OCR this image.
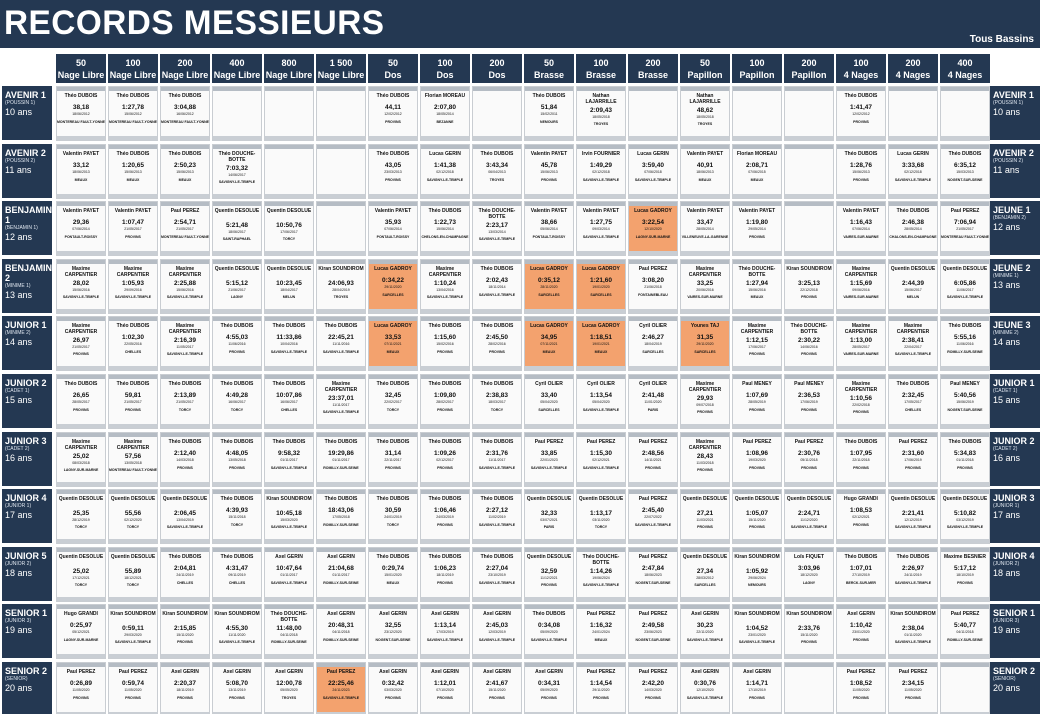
RECORDS MESSIEURS	Tous Bassins
50
Nage Libre
100
Nage Libre
200
Nage Libre
400
Nage Libre
800
Nage Libre
1 500
Nage Libre
50
Dos
100
Dos
200
Dos
50
Brasse
100
Brasse
200
Brasse
50
Papillon
100
Papillon
200
Papillon
100
4 Nages
200
4 Nages
400
4 Nages
AVENIR 1
(POUSSIN 1)
10 ans
AVENIR 1
(POUSSIN 1)
10 ans
Théo DUBOIS
38,18
18/06/2012
MONTEREAU FAULT-YONNE
Théo DUBOIS
1:27,78
15/06/2012
MONTEREAU FAULT-YONNE
Théo DUBOIS
3:04,88
16/06/2012
MONTEREAU FAULT-YONNE
Théo DUBOIS
44,11
12/02/2012
PROVINS
Florian MOREAU
2:07,80
18/05/2014
BEZANNE
Théo DUBOIS
51,84
15/02/2011
NEMOURS
Nathan LAJARRILLE
2:09,43
18/05/2018
TROYES
Nathan LAJARRILLE
48,62
18/05/2018
TROYES
Théo DUBOIS
1:41,47
12/02/2012
PROVINS
AVENIR 2
(POUSSIN 2)
11 ans
AVENIR 2
(POUSSIN 2)
11 ans
Valentin PAYET
33,12
18/06/2013
MEAUX
Théo DUBOIS
1:20,65
15/06/2013
MEAUX
Théo DUBOIS
2:50,23
15/06/2013
MEAUX
Théo DOUCHE-BOTTE
7:03,32
14/06/2017
SAVIGNY-LE-TEMPLE
Théo DUBOIS
43,05
23/03/2013
PROVINS
Lucas GERIN
1:41,38
02/12/2018
SAVIGNY-LE-TEMPLE
Théo DUBOIS
3:43,34
06/04/2013
TROYES
Valentin PAYET
45,78
15/06/2013
PROVINS
Irvin FOURNIER
1:49,29
02/12/2018
SAVIGNY-LE-TEMPLE
Lucas GERIN
3:59,40
07/06/2018
SAVIGNY-LE-TEMPLE
Valentin PAYET
40,91
18/06/2013
MEAUX
Florian MOREAU
2:08,71
07/06/2015
MEAUX
Théo DUBOIS
1:28,76
15/06/2013
PROVINS
Lucas GERIN
3:33,68
02/12/2018
SAVIGNY-LE-TEMPLE
Théo DUBOIS
6:35,12
15/03/2013
NOGENT-SUR-SEINE
BENJAMIN 1
(BENJAMIN 1)
12 ans
JEUNE 1
(BENJAMIN 2)
12 ans
Valentin PAYET
29,36
07/06/2014
PONTAULT-ROISSY
Valentin PAYET
1:07,47
21/05/2017
PROVINS
Paul PEREZ
2:54,71
21/05/2017
MONTEREAU FAULT-YONNE
Quentin DESOLUE
5:21,48
18/06/2017
SAINT-RAPHAEL
Quentin DESOLUE
10:50,76
17/06/2017
TORCY
Valentin PAYET
35,93
07/06/2014
PONTAULT-ROISSY
Théo DUBOIS
1:22,73
15/06/2014
CHELONS-EN-CHAMPAGNE
Théo DOUCHE-BOTTE
2:23,17
13/03/2014
SAVIGNY-LE-TEMPLE
Valentin PAYET
38,66
05/06/2014
PONTAULT-ROISSY
Valentin PAYET
1:27,75
09/03/2014
SAVIGNY-LE-TEMPLE
Lucas GADROY
3:22,54
12/10/2020
LAGNY-SUR-MARNE
Valentin PAYET
33,47
28/05/2014
VILLENEUVE-LA-GARENNE
Valentin PAYET
1:19,80
29/05/2014
PROVINS
Valentin PAYET
1:16,43
07/06/2014
VAIRES-SUR-MARNE
Théo DUBOIS
2:46,38
28/05/2014
CHALONS-EN-CHAMPAGNE
Paul PEREZ
7:06,94
21/05/2017
MONTEREAU FAULT-YONNE
BENJAMIN 2
(MINIME 1)
13 ans
JEUNE 2
(MINIME 1)
13 ans
Maxime CARPENTIER
28,02
15/06/2016
SAVIGNY-LE-TEMPLE
Maxime CARPENTIER
1:05,93
29/09/2016
SAVIGNY-LE-TEMPLE
Maxime CARPENTIER
2:25,88
15/06/2016
SAVIGNY-LE-TEMPLE
Quentin DESOLUE
5:15,12
21/06/2017
LAGNY
Quentin DESOLUE
10:23,45
18/04/2017
MELUN
Kiran SOUNDIROM
24:06,93
28/04/2019
TROYES
Lucas GADROY
0:34,22
29/11/2020
SARCELLES
Maxime CARPENTIER
1:10,24
13/04/2016
SAVIGNY-LE-TEMPLE
Théo DUBOIS
2:02,43
18/11/2014
SAVIGNY-LE-TEMPLE
Lucas GADROY
0:35,12
28/11/2020
SARCELLES
Lucas GADROY
1:21,60
19/01/2020
SARCELLES
Paul PEREZ
3:08,20
21/06/2018
FONTAINEBLEAU
Maxime CARPENTIER
33,25
20/06/2016
VAIRES-SUR-MARNE
Théo DOUCHE-BOTTE
1:27,94
15/06/2016
MEAUX
Kiran SOUNDIROM
3:25,13
22/12/2018
PROVINS
Maxime CARPENTIER
1:15,69
09/06/2016
VAIRES-SUR-MARNE
Quentin DESOLUE
2:44,39
15/06/2017
MELUN
Quentin DESOLUE
6:05,86
11/06/2017
SAVIGNY-LE-TEMPLE
JUNIOR 1
(MINIME 2)
14 ans
JEUNE 3
(MINIME 2)
14 ans
Maxime CARPENTIER
26,97
21/05/2017
PROVINS
Théo DUBOIS
1:02,30
22/05/2016
CHELLES
Maxime CARPENTIER
2:16,39
11/05/2017
SAVIGNY-LE-TEMPLE
Théo DUBOIS
4:55,03
11/06/2016
PROVINS
Théo DUBOIS
11:33,86
10/04/2016
SAVIGNY-LE-TEMPLE
Théo DUBOIS
22:45,21
11/11/2016
SAVIGNY-LE-TEMPLE
Lucas GADROY
33,53
07/11/2021
MEAUX
Théo DUBOIS
1:15,60
15/02/2016
PROVINS
Théo DUBOIS
2:45,50
28/02/2016
PROVINS
Lucas GADROY
34,95
07/11/2021
MEAUX
Lucas GADROY
1:18,51
19/01/2021
MEAUX
Cyril OLIER
2:46,27
18/04/2019
SARCELLES
Younes TAJ
31,35
29/11/2020
SARCELLES
Maxime CARPENTIER
1:12,15
17/06/2017
PROVINS
Théo DOUCHE-BOTTE
2:30,22
14/06/2016
PROVINS
Maxime CARPENTIER
1:13,00
28/05/2017
VAIRES-SUR-MARNE
Maxime CARPENTIER
2:38,41
22/04/2017
SAVIGNY-LE-TEMPLE
Théo DUBOIS
5:55,16
11/06/2016
ROMILLY-SUR-SEINE
JUNIOR 2
(CADET 1)
15 ans
JUNIOR 1
(CADET 1)
15 ans
Théo DUBOIS
26,65
28/05/2017
PROVINS
Théo DUBOIS
59,81
21/05/2017
PROVINS
Théo DUBOIS
2:13,89
21/05/2017
TORCY
Théo DUBOIS
4:49,28
16/06/2017
TORCY
Théo DUBOIS
10:07,86
16/06/2017
CHELLES
Maxime CARPENTIER
23:37,01
11/11/2017
SAVIGNY-LE-TEMPLE
Théo DUBOIS
32,45
22/02/2017
TORCY
Théo DUBOIS
1:09,80
28/02/2017
PROVINS
Théo DUBOIS
2:38,83
18/03/2017
TORCY
Cyril OLIER
33,40
05/04/2020
SARCELLES
Cyril OLIER
1:13,54
05/04/2020
SAVIGNY-LE-TEMPLE
Cyril OLIER
2:41,48
11/01/2020
PARIS
Maxime CARPENTIER
29,93
09/07/2018
PROVINS
Paul MENEY
1:07,69
28/05/2019
PROVINS
Paul MENEY
2:36,53
17/06/2019
PROVINS
Maxime CARPENTIER
1:10,56
22/02/2018
PROVINS
Théo DUBOIS
2:32,45
17/05/2017
CHELLES
Paul MENEY
5:40,56
15/06/2019
NOGENT-SUR-SEINE
JUNIOR 3
(CADET 2)
16 ans
JUNIOR 2
(CADET 2)
16 ans
Maxime CARPENTIER
25,02
08/03/2018
LAGNY-SUR-MARNE
Maxime CARPENTIER
57,56
13/05/2018
MONTEREAU FAULT-YONNE
Théo DUBOIS
2:12,40
14/03/2018
PROVINS
Théo DUBOIS
4:48,05
13/05/2018
PROVINS
Théo DUBOIS
9:58,32
01/11/2017
SAVIGNY-LE-TEMPLE
Théo DUBOIS
19:29,86
01/11/2017
ROMILLY-SUR-SEINE
Théo DUBOIS
31,14
22/11/2017
PROVINS
Théo DUBOIS
1:09,26
02/12/2017
PROVINS
Théo DUBOIS
2:31,76
11/11/2017
SAVIGNY-LE-TEMPLE
Paul PEREZ
33,85
22/01/2023
SAVIGNY-LE-TEMPLE
Paul PEREZ
1:15,30
02/12/2021
SAVIGNY-LE-TEMPLE
Paul PEREZ
2:48,56
14/11/2021
PROVINS
Maxime CARPENTIER
28,43
11/03/2018
PROVINS
Paul PEREZ
1:08,96
19/03/2020
PROVINS
Paul PEREZ
2:30,76
05/11/2018
PROVINS
Théo DUBOIS
1:07,95
22/11/2018
PROVINS
Paul PEREZ
2:31,60
17/06/2019
PROVINS
Théo DUBOIS
5:34,83
01/11/2018
PROVINS
JUNIOR 4
(JUNIOR 1)
17 ans
JUNIOR 3
(JUNIOR 1)
17 ans
Quentin DESOLUE
25,35
28/12/2019
TORCY
Quentin DESOLUE
55,56
02/12/2020
TORCY
Quentin DESOLUE
2:06,45
13/04/2019
SAVIGNY-LE-TEMPLE
Théo DUBOIS
4:39,93
15/11/2018
TORCY
Kiran SOUNDIROM
10:45,18
15/03/2020
SAVIGNY-LE-TEMPLE
Théo DUBOIS
18:43,06
17/05/2018
ROMILLY-SUR-SEINE
Théo DUBOIS
30,59
24/01/2019
TORCY
Théo DUBOIS
1:06,46
24/03/2019
PROVINS
Théo DUBOIS
2:27,12
11/02/2019
SAVIGNY-LE-TEMPLE
Quentin DESOLUE
32,33
03/07/2021
PARIS
Quentin DESOLUE
1:13,17
03/11/2020
TORCY
Paul PEREZ
2:45,40
22/07/2022
SAVIGNY-LE-TEMPLE
Quentin DESOLUE
27,21
11/03/2021
PROVINS
Quentin DESOLUE
1:05,07
15/11/2020
PROVINS
Quentin DESOLUE
2:24,71
11/12/2020
SAVIGNY-LE-TEMPLE
Hugo GRANDI
1:08,53
02/12/2021
PROVINS
Quentin DESOLUE
2:21,41
12/12/2019
SAVIGNY-LE-TEMPLE
Quentin DESOLUE
5:10,82
03/12/2019
SAVIGNY-LE-TEMPLE
JUNIOR 5
(JUNIOR 2)
18 ans
JUNIOR 4
(JUNIOR 2)
18 ans
Quentin DESOLUE
25,02
17/12/2021
TORCY
Quentin DESOLUE
55,89
18/12/2021
TORCY
Théo DUBOIS
2:04,81
24/11/2019
CHELLES
Théo DUBOIS
4:31,47
09/11/2019
CHELLES
Axel GERIN
10:47,64
01/11/2017
SAVIGNY-LE-TEMPLE
Axel GERIN
21:04,68
01/11/2017
ROMILLY-SUR-SEINE
Théo DUBOIS
0:29,74
15/01/2020
MEAUX
Théo DUBOIS
1:06,23
18/11/2019
PROVINS
Théo DUBOIS
2:27,04
23/10/2019
SAVIGNY-LE-TEMPLE
Quentin DESOLUE
32,59
11/12/2021
PROVINS
Théo DOUCHE-BOTTE
1:14,26
19/06/2024
SAVIGNY-LE-TEMPLE
Paul PEREZ
2:47,84
18/06/2023
NOGENT-SUR-SEINE
Quentin DESOLUE
27,34
28/03/2012
SARCELLES
Kiran SOUNDIROM
1:05,92
29/06/2024
NEMOURS
Loïs FIQUET
3:03,96
18/12/2020
LAGNY
Théo DUBOIS
1:07,01
27/10/2019
BERCK-SUR-MER
Théo DUBOIS
2:26,97
24/11/2019
SAVIGNY-LE-TEMPLE
Maxime BESNIER
5:17,12
18/10/2019
PROVINS
SENIOR 1
(JUNIOR 3)
19 ans
SENIOR 1
(JUNIOR 3)
19 ans
Hugo GRANDI
0:25,97
05/12/2021
LAGNY-SUR-MARNE
Kiran SOUNDIROM
0:59,11
29/03/2020
SAVIGNY-LE-TEMPLE
Kiran SOUNDIROM
2:15,85
15/11/2020
PROVINS
Kiran SOUNDIROM
4:55,30
11/11/2020
SAVIGNY-LE-TEMPLE
Théo DOUCHE-BOTTE
11:48,00
04/11/2018
ROMILLY-SUR-SEINE
Axel GERIN
20:48,31
04/11/2018
ROMILLY-SUR-SEINE
Axel GERIN
32,55
23/12/2020
NOGENT-SUR-SEINE
Axel GERIN
1:13,14
17/03/2019
SAVIGNY-LE-TEMPLE
Axel GERIN
2:45,03
12/03/2019
SAVIGNY-LE-TEMPLE
Théo DUBOIS
0:34,08
05/09/2020
SAVIGNY-LE-TEMPLE
Paul PEREZ
1:16,32
24/01/2024
MEAUX
Paul PEREZ
2:49,58
23/06/2023
NOGENT-SUR-SEINE
Axel GERIN
30,23
22/11/2020
SAVIGNY-LE-TEMPLE
Kiran SOUNDIROM
1:04,52
23/01/2020
SAVIGNY-LE-TEMPLE
Kiran SOUNDIROM
2:33,76
15/11/2020
PROVINS
Axel GERIN
1:10,42
23/01/2020
PROVINS
Kiran SOUNDIROM
2:38,04
01/11/2020
SAVIGNY-LE-TEMPLE
Paul PEREZ
5:40,77
04/11/2018
ROMILLY-SUR-SEINE
SENIOR 2
(SENIOR)
20 ans
SENIOR 2
(SENIOR)
20 ans
Paul PEREZ
0:26,89
11/05/2020
PROVINS
Paul PEREZ
0:59,74
11/05/2020
PROVINS
Axel GERIN
2:20,37
18/11/2019
PROVINS
Axel GERIN
5:08,70
13/11/2019
PROVINS
Axel GERIN
12:00,78
05/05/2020
TROYES
Paul PEREZ
22:25,46
24/11/2023
SAVIGNY-LE-TEMPLE
Axel GERIN
0:32,42
03/03/2020
PROVINS
Axel GERIN
1:12,01
07/10/2020
PROVINS
Axel GERIN
2:41,67
15/11/2020
PROVINS
Axel GERIN
0:34,31
05/09/2020
PROVINS
Paul PEREZ
1:14,54
29/11/2020
PROVINS
Paul PEREZ
2:42,20
14/03/2020
PROVINS
Axel GERIN
0:30,76
12/10/2020
SAVIGNY-LE-TEMPLE
Axel GERIN
1:14,71
17/10/2019
PROVINS
Paul PEREZ
1:08,52
11/05/2020
PROVINS
Paul PEREZ
2:34,15
11/05/2020
PROVINS
